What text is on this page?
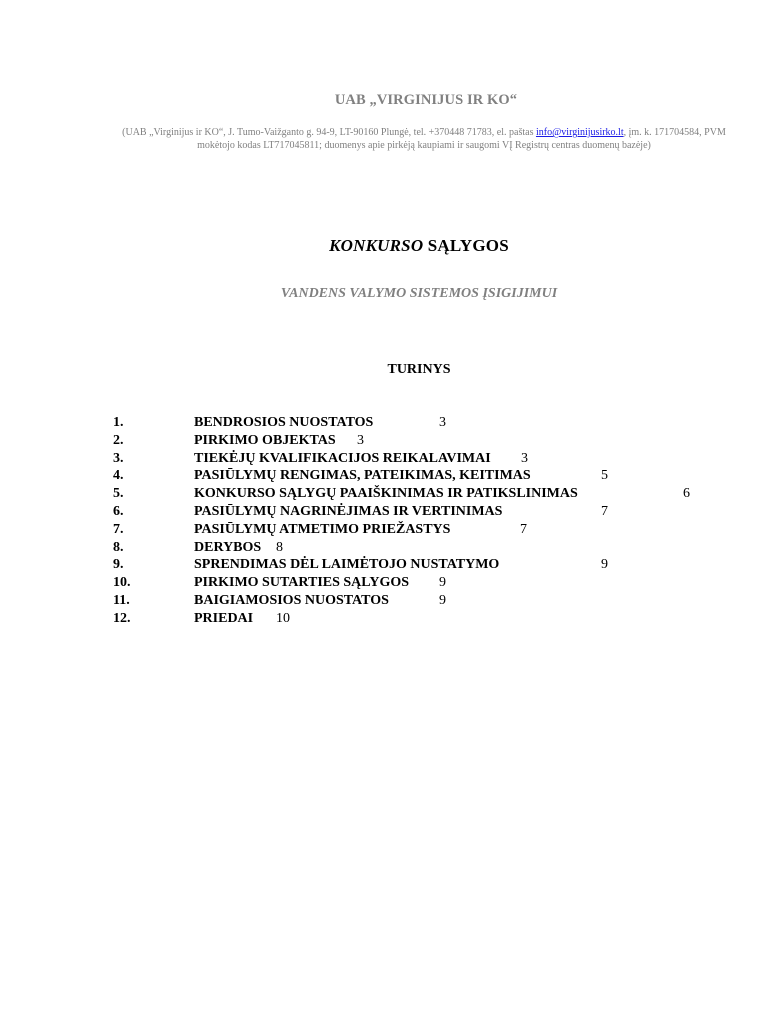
UAB „VIRGINIJUS IR KO“
(UAB „Virginijus ir KO“, J. Tumo-Vaižganto g. 94-9, LT-90160 Plungė, tel. +370448 71783, el. paštas info@virginijusirko.lt, įm. k. 171704584, PVM mokėtojo kodas LT717045811; duomenys apie pirkėją kaupiami ir saugomi VĮ Registrų centras duomenų bazėje)
KONKURSO SĄLYGOS
VANDENS VALYMO SISTEMOS ĮSIGIJIMUI
TURINYS
1.	BENDROSIOS NUOSTATOS	3
2.	PIRKIMO OBJEKTAS 3
3.	TIEKĖJŲ KVALIFIKACIJOS REIKALAVIMAI 3
4.	PASIŪLYMŲ RENGIMAS, PATEIKIMAS, KEITIMAS	5
5.	KONKURSO SĄLYGŲ PAAIŠKINIMAS IR PATIKSLINIMAS	6
6.	PASIŪLYMŲ NAGRINĖJIMAS IR VERTINIMAS	7
7.	PASIŪLYMŲ ATMETIMO PRIEŽASTYS	7
8.	DERYBOS 8
9.	SPRENDIMAS DĖL LAIMĖTOJO NUSTATYMO	9
10.	PIRKIMO SUTARTIES SĄLYGOS 9
11.	BAIGIAMOSIOS NUOSTATOS	9
12.	PRIEDAI 10
